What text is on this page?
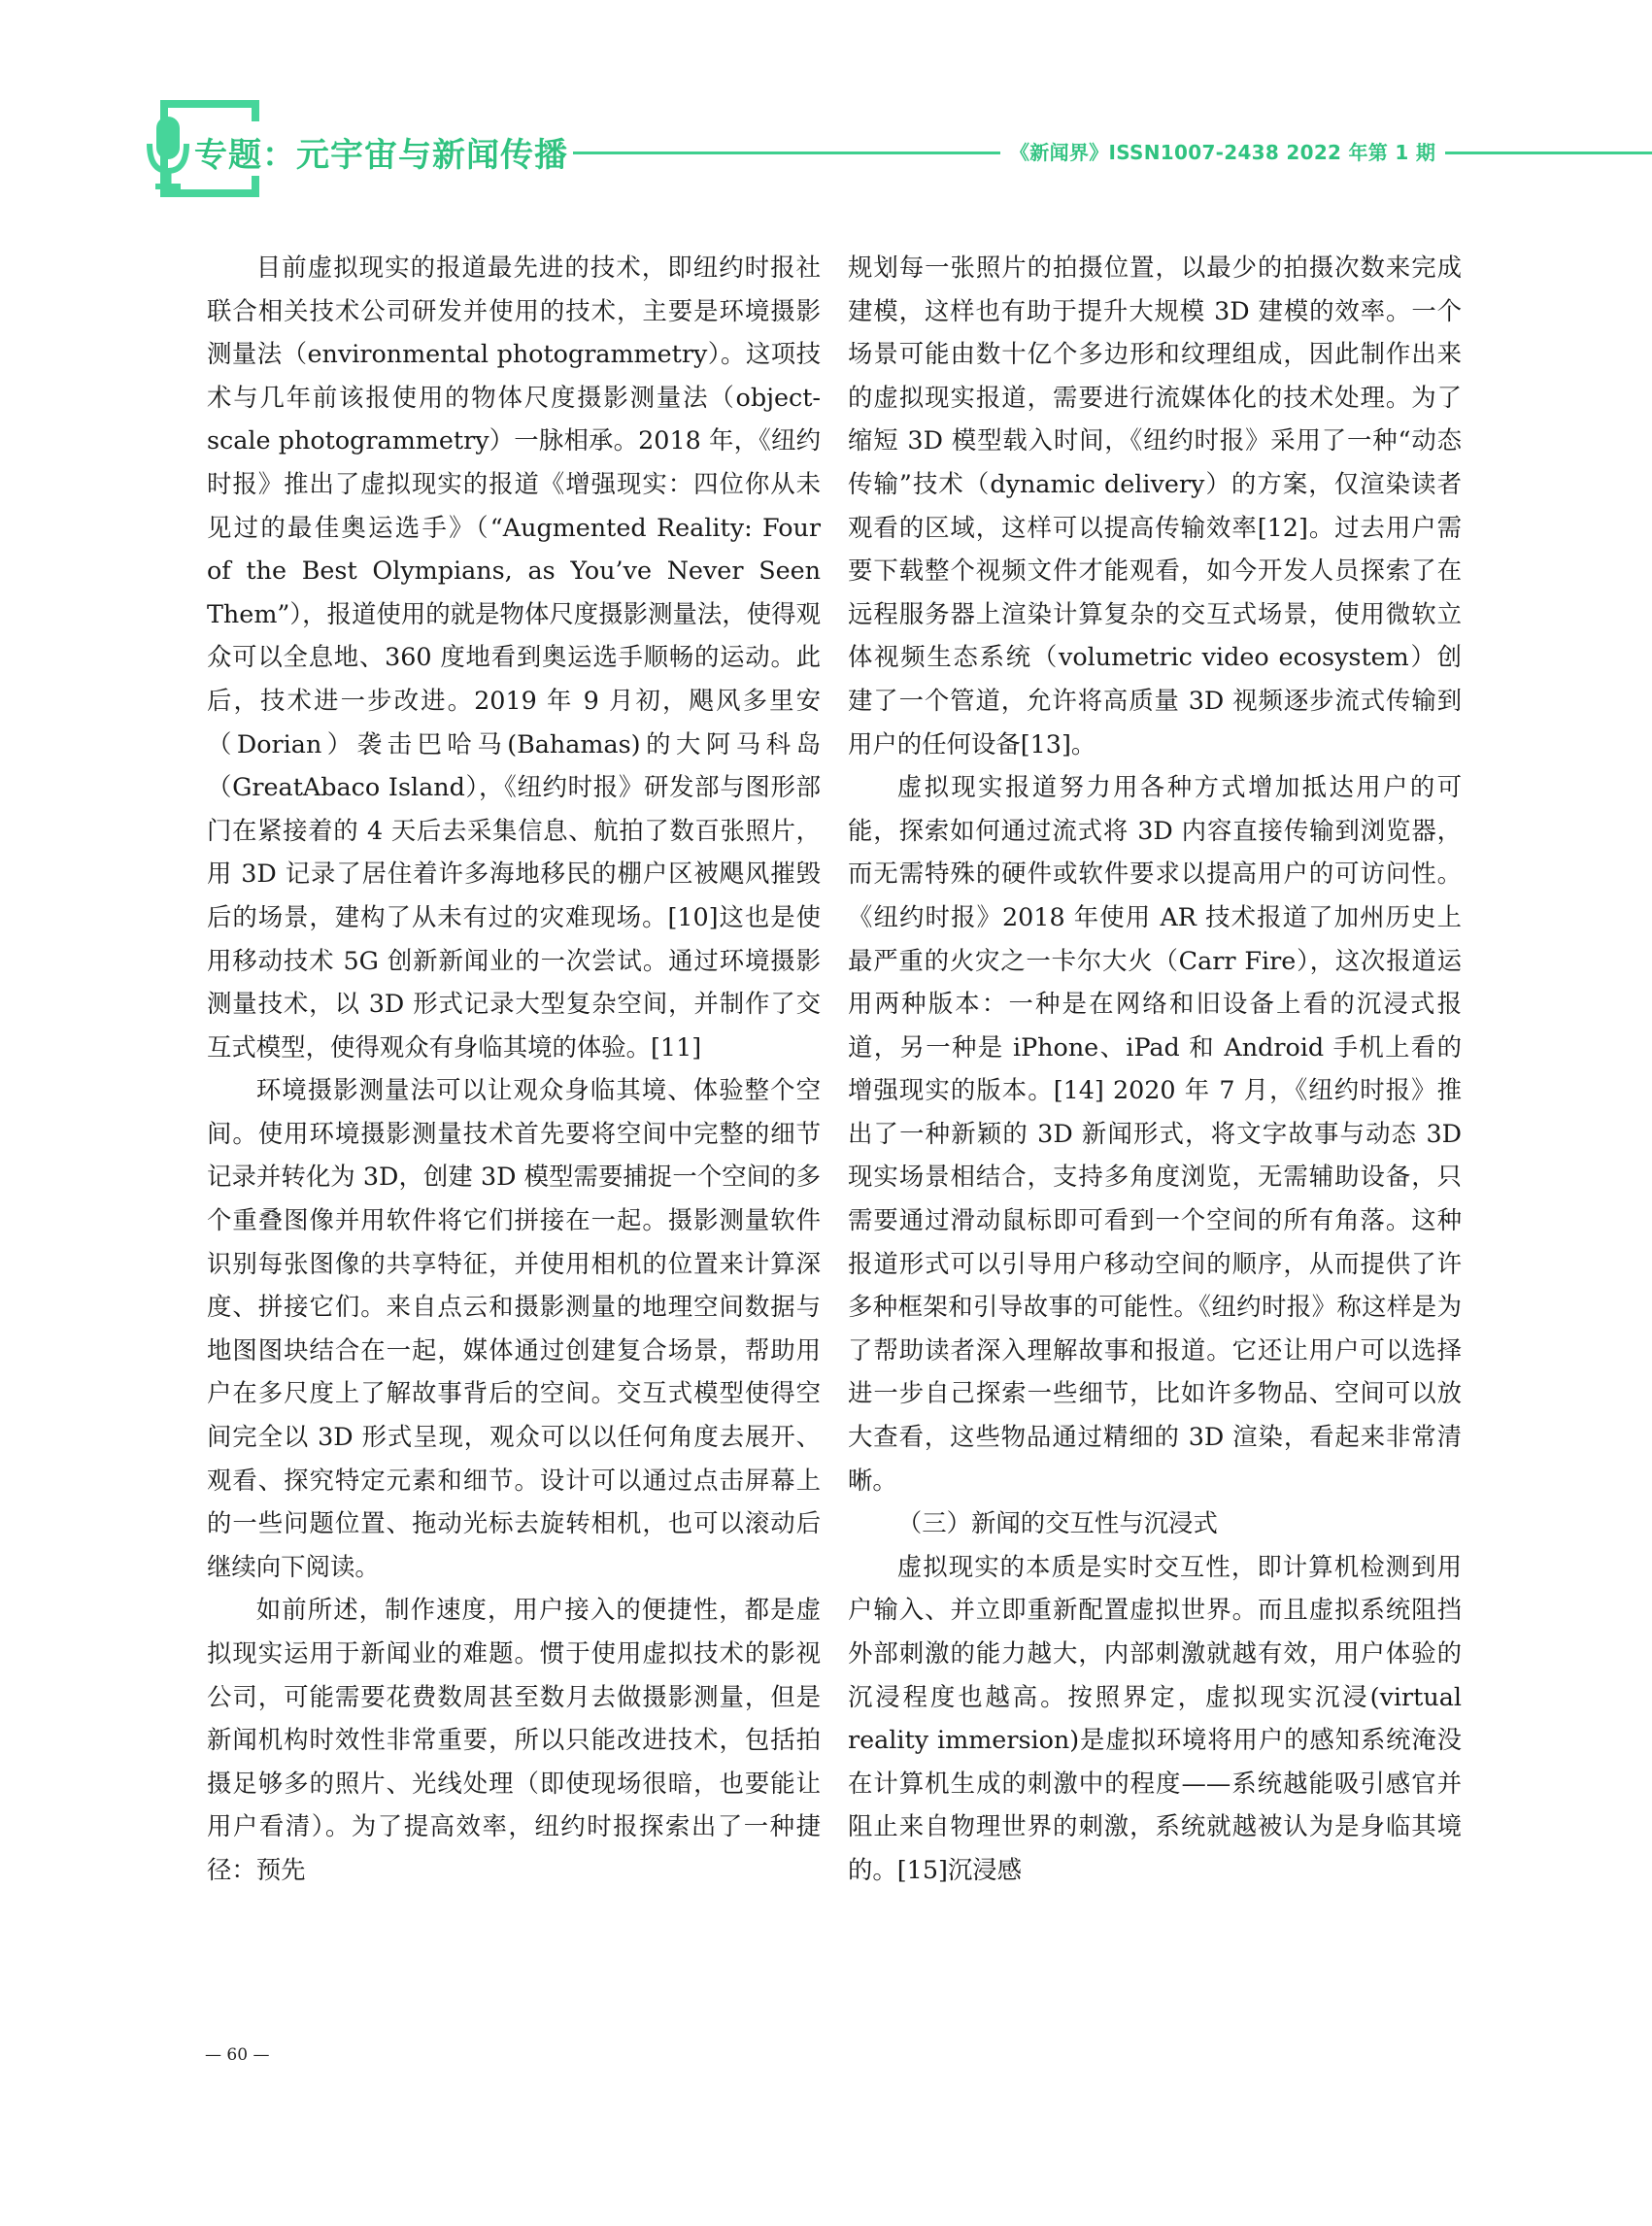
专题：元宇宙与新闻传播	《新闻界》ISSN1007-2438 2022 年第 1 期

目前虚拟现实的报道最先进的技术，即纽约时报社联合相关技术公司研发并使用的技术，主要是环境摄影测量法（environmental photogrammetry）。这项技术与几年前该报使用的物体尺度摄影测量法（object-scale photogrammetry）一脉相承。2018 年，《纽约时报》推出了虚拟现实的报道《增强现实：四位你从未见过的最佳奥运选手》（“Augmented Reality: Four of the Best Olympians, as You’ve Never Seen Them”），报道使用的就是物体尺度摄影测量法，使得观众可以全息地、360 度地看到奥运选手顺畅的运动。此后，技术进一步改进。2019 年 9 月初，飓风多里安（Dorian）袭击巴哈马(Bahamas)的大阿马科岛（GreatAbaco Island），《纽约时报》研发部与图形部门在紧接着的 4 天后去采集信息、航拍了数百张照片，用 3D 记录了居住着许多海地移民的棚户区被飓风摧毁后的场景，建构了从未有过的灾难现场。[10]这也是使用移动技术 5G 创新新闻业的一次尝试。通过环境摄影测量技术，以 3D 形式记录大型复杂空间，并制作了交互式模型，使得观众有身临其境的体验。[11]

环境摄影测量法可以让观众身临其境、体验整个空间。使用环境摄影测量技术首先要将空间中完整的细节记录并转化为 3D，创建 3D 模型需要捕捉一个空间的多个重叠图像并用软件将它们拼接在一起。摄影测量软件识别每张图像的共享特征，并使用相机的位置来计算深度、拼接它们。来自点云和摄影测量的地理空间数据与地图图块结合在一起，媒体通过创建复合场景，帮助用户在多尺度上了解故事背后的空间。交互式模型使得空间完全以 3D 形式呈现，观众可以以任何角度去展开、观看、探究特定元素和细节。设计可以通过点击屏幕上的一些问题位置、拖动光标去旋转相机，也可以滚动后继续向下阅读。

如前所述，制作速度，用户接入的便捷性，都是虚拟现实运用于新闻业的难题。惯于使用虚拟技术的影视公司，可能需要花费数周甚至数月去做摄影测量，但是新闻机构时效性非常重要，所以只能改进技术，包括拍摄足够多的照片、光线处理（即使现场很暗，也要能让用户看清）。为了提高效率，纽约时报探索出了一种捷径：预先

规划每一张照片的拍摄位置，以最少的拍摄次数来完成建模，这样也有助于提升大规模 3D 建模的效率。一个场景可能由数十亿个多边形和纹理组成，因此制作出来的虚拟现实报道，需要进行流媒体化的技术处理。为了缩短 3D 模型载入时间，《纽约时报》采用了一种“动态传输”技术（dynamic delivery）的方案，仅渲染读者观看的区域，这样可以提高传输效率[12]。过去用户需要下载整个视频文件才能观看，如今开发人员探索了在远程服务器上渲染计算复杂的交互式场景，使用微软立体视频生态系统（volumetric video ecosystem）创建了一个管道，允许将高质量 3D 视频逐步流式传输到用户的任何设备[13]。

虚拟现实报道努力用各种方式增加抵达用户的可能，探索如何通过流式将 3D 内容直接传输到浏览器，而无需特殊的硬件或软件要求以提高用户的可访问性。《纽约时报》2018 年使用 AR 技术报道了加州历史上最严重的火灾之一卡尔大火（Carr Fire），这次报道运用两种版本：一种是在网络和旧设备上看的沉浸式报道，另一种是 iPhone、iPad 和 Android 手机上看的增强现实的版本。[14] 2020 年 7 月，《纽约时报》推出了一种新颖的 3D 新闻形式，将文字故事与动态 3D 现实场景相结合，支持多角度浏览，无需辅助设备，只需要通过滑动鼠标即可看到一个空间的所有角落。这种报道形式可以引导用户移动空间的顺序，从而提供了许多种框架和引导故事的可能性。《纽约时报》称这样是为了帮助读者深入理解故事和报道。它还让用户可以选择进一步自己探索一些细节，比如许多物品、空间可以放大查看，这些物品通过精细的 3D 渲染，看起来非常清晰。

（三）新闻的交互性与沉浸式

虚拟现实的本质是实时交互性，即计算机检测到用户输入、并立即重新配置虚拟世界。而且虚拟系统阻挡外部刺激的能力越大，内部刺激就越有效，用户体验的沉浸程度也越高。按照界定，虚拟现实沉浸(virtual reality immersion)是虚拟环境将用户的感知系统淹没在计算机生成的刺激中的程度——系统越能吸引感官并阻止来自物理世界的刺激，系统就越被认为是身临其境的。[15]沉浸感

— 60 —
